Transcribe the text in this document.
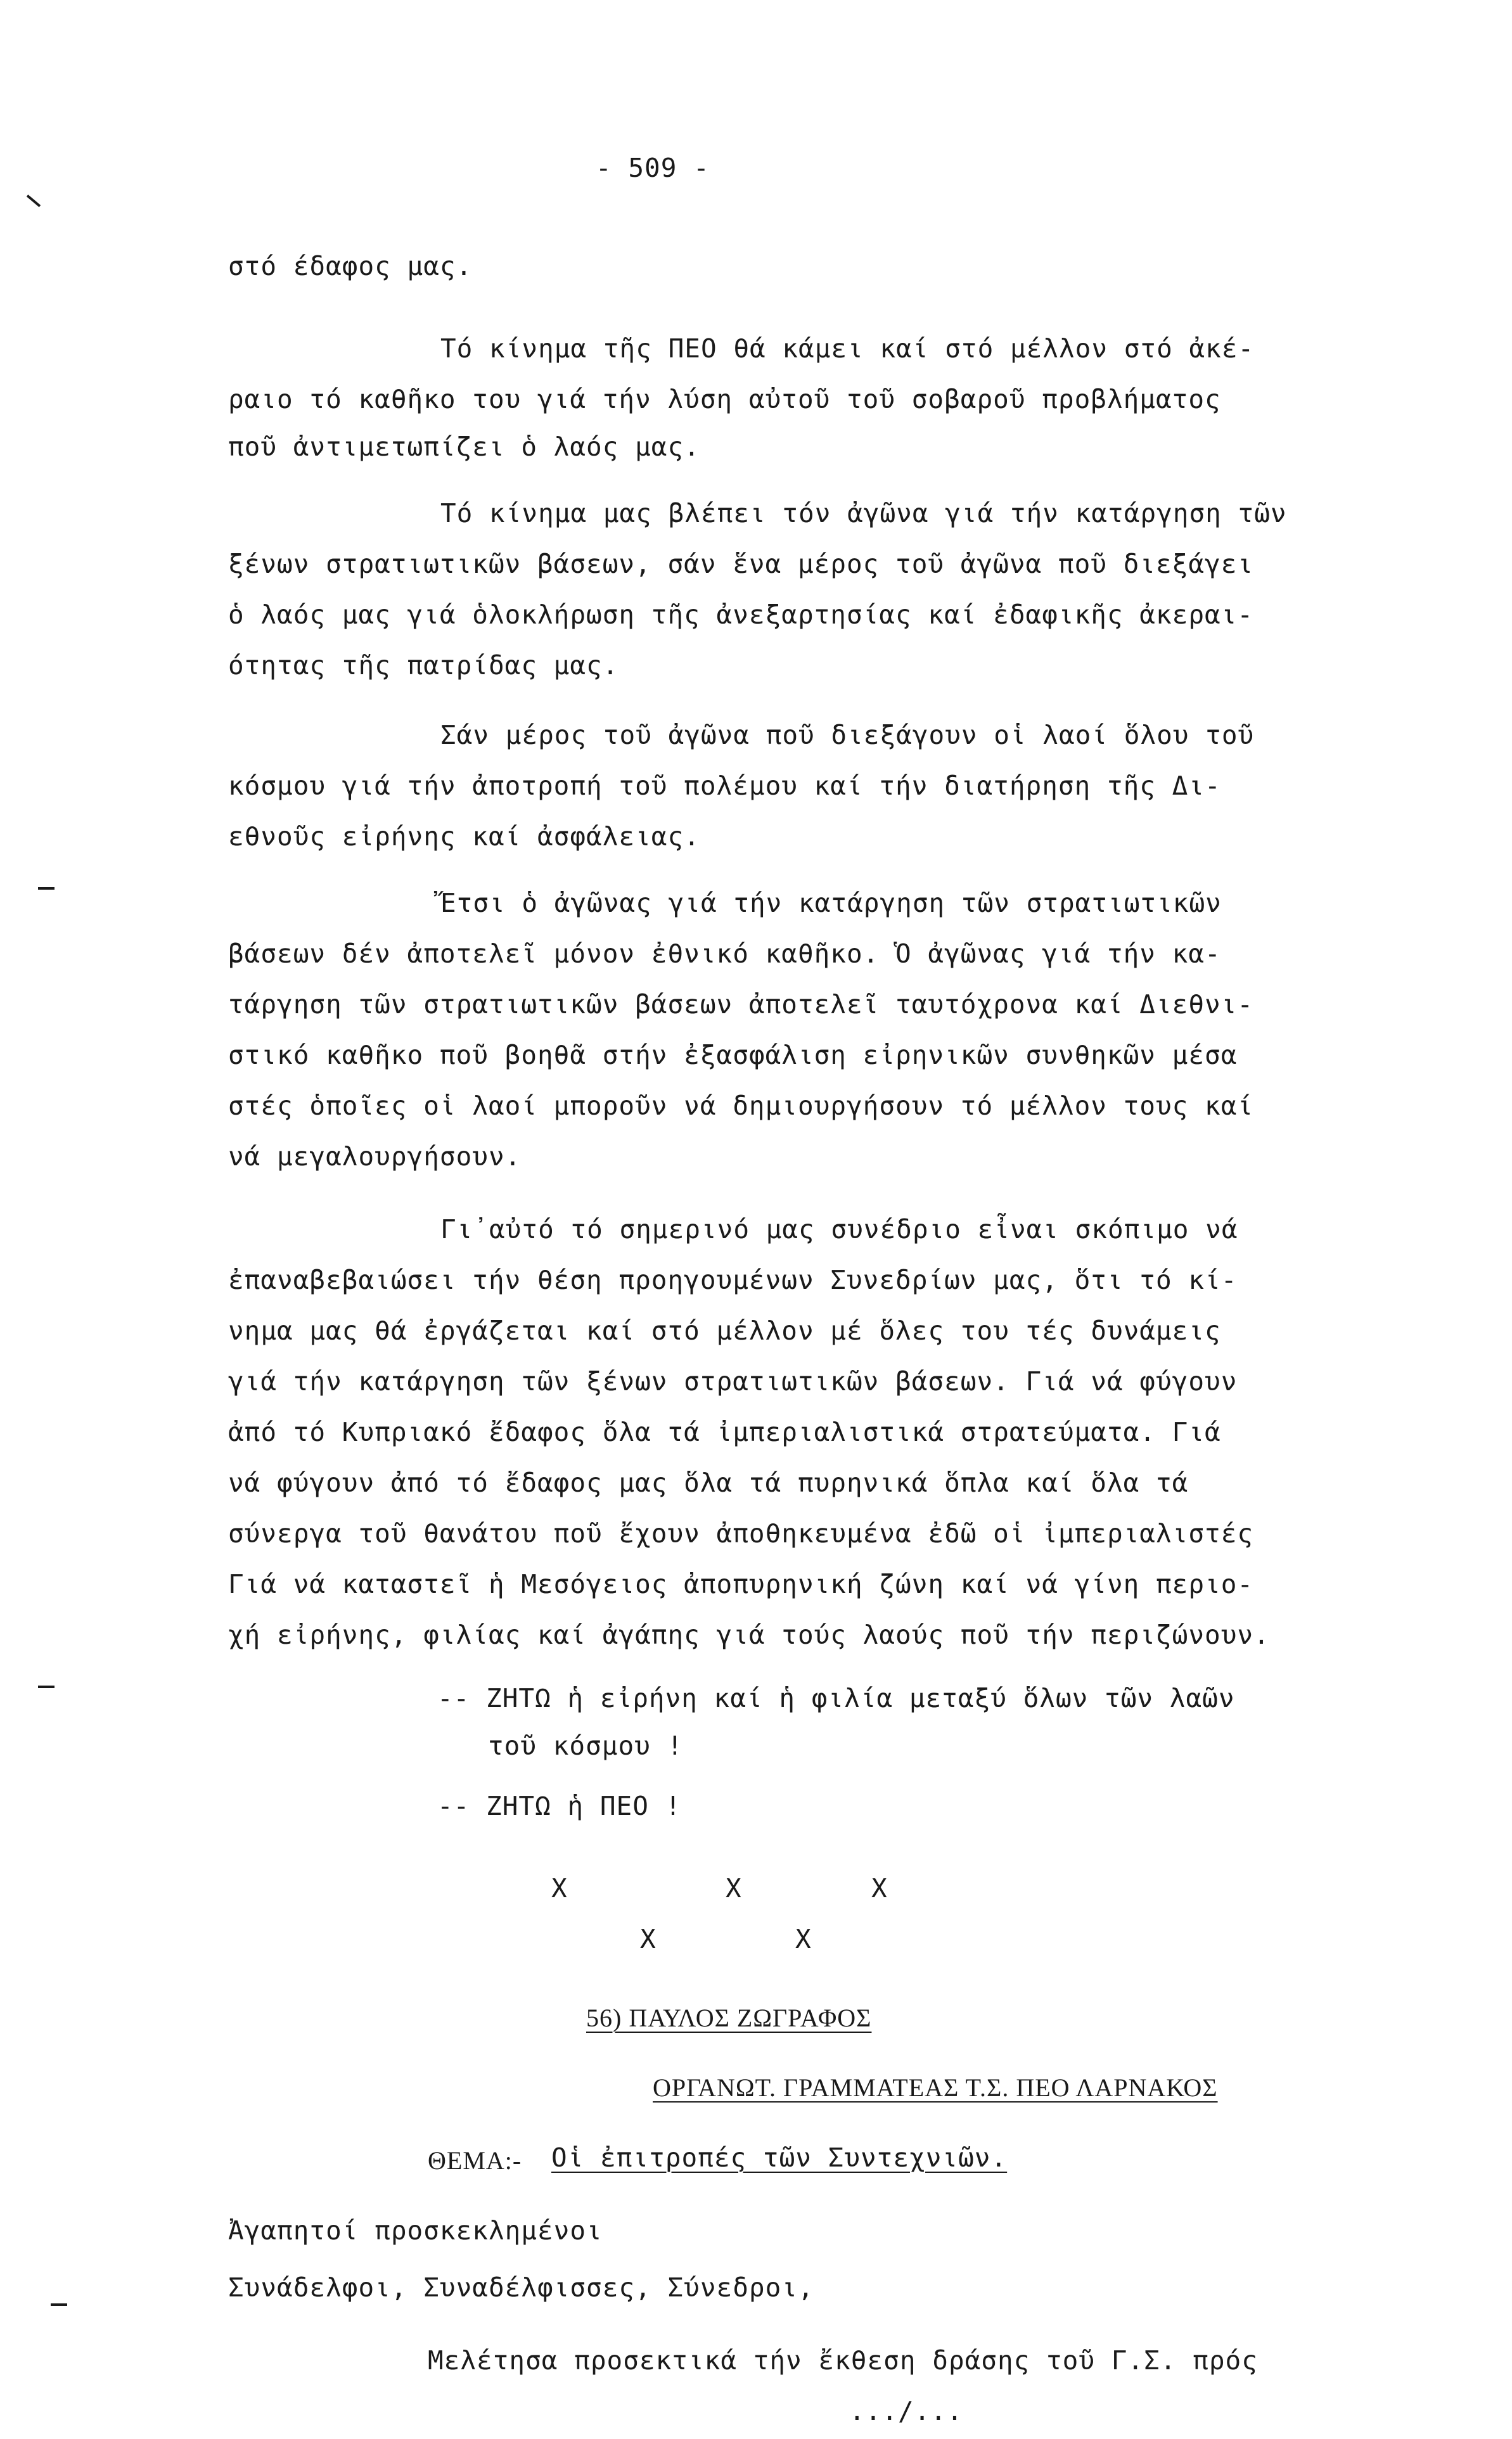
- 509 -
στό έδαφος μας.
Τό κίνημα τῆς ΠΕΟ θά κάμει καί στό μέλλον στό ἀκέ-
ραιο τό καθῆκο του γιά τήν λύση αὐτοῦ τοῦ σοβαροῦ προβλήματος
ποῦ ἀντιμετωπίζει ὁ λαός μας.
Τό κίνημα μας βλέπει τόν ἀγῶνα γιά τήν κατάργηση τῶν
ξένων στρατιωτικῶν βάσεων, σάν ἕνα μέρος τοῦ ἀγῶνα ποῦ διεξάγει
ὁ λαός μας γιά ὁλοκλήρωση τῆς ἀνεξαρτησίας καί ἐδαφικῆς ἀκεραι-
ότητας τῆς πατρίδας μας.
Σάν μέρος τοῦ ἀγῶνα ποῦ διεξάγουν οἱ λαοί ὅλου τοῦ
κόσμου γιά τήν ἀποτροπή τοῦ πολέμου καί τήν διατήρηση τῆς Δι-
εθνοῦς εἰρήνης καί ἀσφάλειας.
Ἔτσι ὁ ἀγῶνας γιά τήν κατάργηση τῶν στρατιωτικῶν
βάσεων δέν ἀποτελεῖ μόνον ἐθνικό καθῆκο. Ὁ ἀγῶνας γιά τήν κα-
τάργηση τῶν στρατιωτικῶν βάσεων ἀποτελεῖ ταυτόχρονα καί Διεθνι-
στικό καθῆκο ποῦ βοηθᾶ στήν ἐξασφάλιση εἰρηνικῶν συνθηκῶν μέσα
στές ὁποῖες οἱ λαοί μποροῦν νά δημιουργήσουν τό μέλλον τους καί
νά μεγαλουργήσουν.
Γι᾽αὐτό τό σημερινό μας συνέδριο εἶναι σκόπιμο νά
ἐπαναβεβαιώσει τήν θέση προηγουμένων Συνεδρίων μας, ὅτι τό κί-
νημα μας θά ἐργάζεται καί στό μέλλον μέ ὅλες του τές δυνάμεις
γιά τήν κατάργηση τῶν ξένων στρατιωτικῶν βάσεων. Γιά νά φύγουν
ἀπό τό Κυπριακό ἔδαφος ὅλα τά ἰμπεριαλιστικά στρατεύματα. Γιά
νά φύγουν ἀπό τό ἔδαφος μας ὅλα τά πυρηνικά ὅπλα καί ὅλα τά
σύνεργα τοῦ θανάτου ποῦ ἔχουν ἀποθηκευμένα ἐδῶ οἱ ἰμπεριαλιστές
Γιά νά καταστεῖ ἡ Μεσόγειος ἀποπυρηνική ζώνη καί νά γίνη περιο-
χή εἰρήνης, φιλίας καί ἀγάπης γιά τούς λαούς ποῦ τήν περιζώνουν.
-- ΖΗΤΩ ἡ εἰρήνη καί ἡ φιλία μεταξύ ὅλων τῶν λαῶν
τοῦ κόσμου !
-- ΖΗΤΩ ἡ ΠΕΟ !
X	X	X
X	X
56) ΠΑΥΛΟΣ ΖΩΓΡΑΦΟΣ
ΟΡΓΑΝΩΤ. ΓΡΑΜΜΑΤΕΑΣ Τ.Σ. ΠΕΟ ΛΑΡΝΑΚΟΣ
ΘΕΜΑ:- Οἱ ἐπιτροπές τῶν Συντεχνιῶν.
Ἀγαπητοί προσκεκλημένοι
Συνάδελφοι, Συναδέλφισσες, Σύνεδροι,
Μελέτησα προσεκτικά τήν ἔκθεση δράσης τοῦ Γ.Σ. πρός
.../...
